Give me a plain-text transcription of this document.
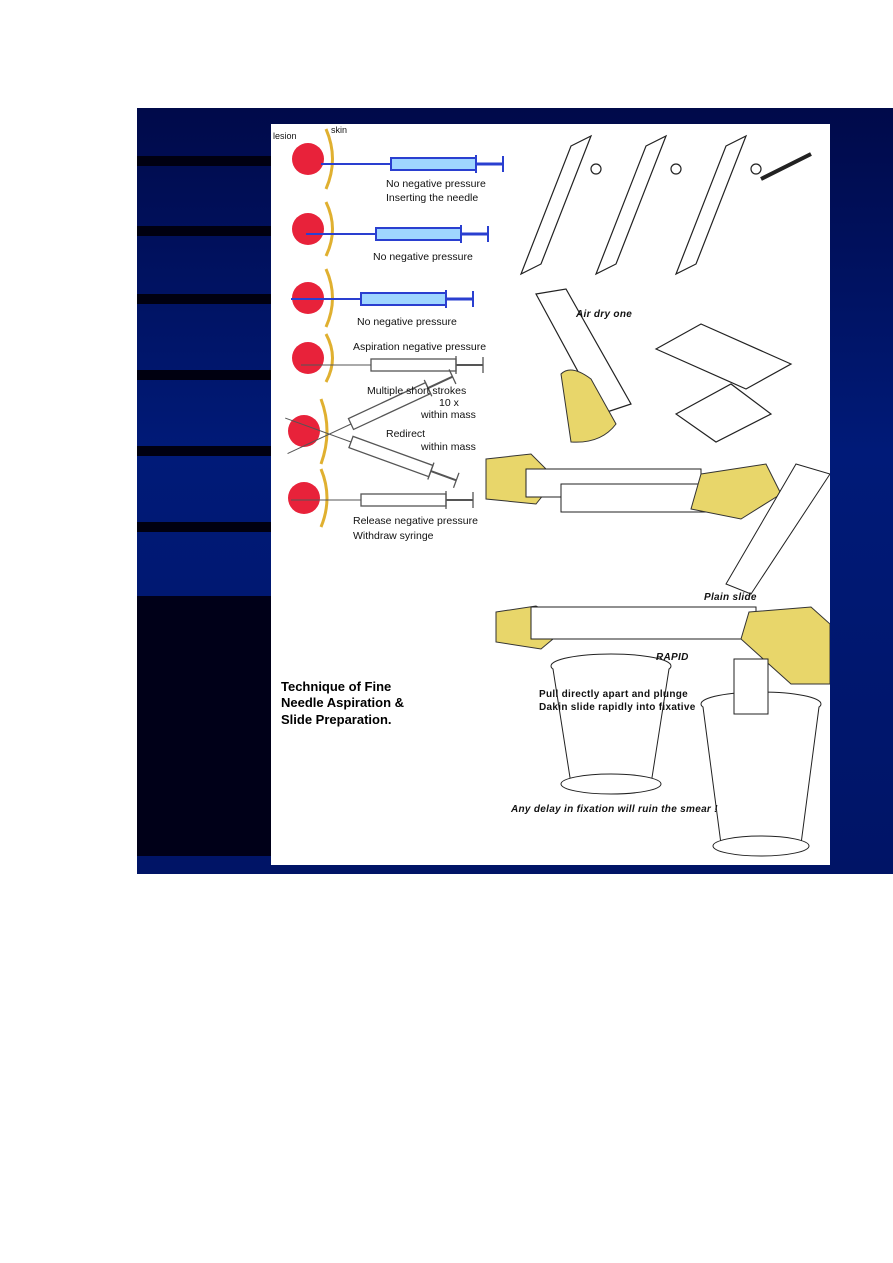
lesion
skin
No negative pressure
Inserting the needle
No negative pressure
No negative pressure
Aspiration negative pressure
Multiple short strokes
10 x
within mass
Redirect
within mass
Release negative pressure
Withdraw syringe
Air dry one
Plain slide
RAPID
Pull directly apart and plunge
Dakin slide rapidly into fixative
Any delay in fixation will ruin the smear !
Technique of Fine
Needle Aspiration &
Slide Preparation.
